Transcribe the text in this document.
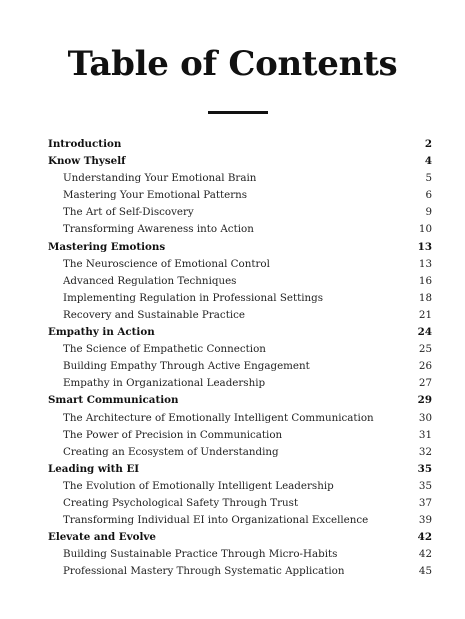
Table of Contents
Introduction	2
Know Thyself	4
Understanding Your Emotional Brain	5
Mastering Your Emotional Patterns	6
The Art of Self-Discovery	9
Transforming Awareness into Action	10
Mastering Emotions	13
The Neuroscience of Emotional Control	13
Advanced Regulation Techniques	16
Implementing Regulation in Professional Settings	18
Recovery and Sustainable Practice	21
Empathy in Action	24
The Science of Empathetic Connection	25
Building Empathy Through Active Engagement	26
Empathy in Organizational Leadership	27
Smart Communication	29
The Architecture of Emotionally Intelligent Communication	30
The Power of Precision in Communication	31
Creating an Ecosystem of Understanding	32
Leading with EI	35
The Evolution of Emotionally Intelligent Leadership	35
Creating Psychological Safety Through Trust	37
Transforming Individual EI into Organizational Excellence	39
Elevate and Evolve	42
Building Sustainable Practice Through Micro-Habits	42
Professional Mastery Through Systematic Application	45
